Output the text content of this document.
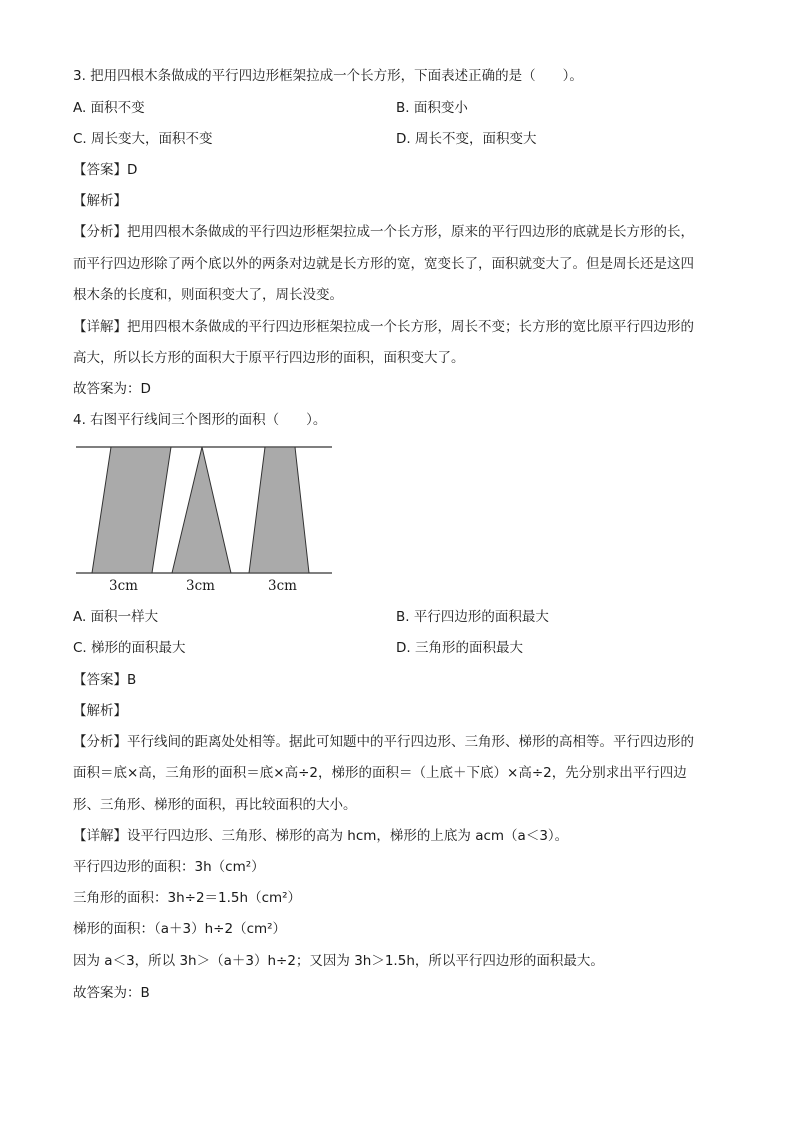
3. 把用四根木条做成的平行四边形框架拉成一个长方形，下面表述正确的是（　　）。
A. 面积不变	B. 面积变小
C. 周长变大，面积不变	D. 周长不变，面积变大
【答案】D
【解析】
【分析】把用四根木条做成的平行四边形框架拉成一个长方形，原来的平行四边形的底就是长方形的长，
而平行四边形除了两个底以外的两条对边就是长方形的宽，宽变长了，面积就变大了。但是周长还是这四
根木条的长度和，则面积变大了，周长没变。
【详解】把用四根木条做成的平行四边形框架拉成一个长方形，周长不变；长方形的宽比原平行四边形的
高大，所以长方形的面积大于原平行四边形的面积，面积变大了。
故答案为：D
4. 右图平行线间三个图形的面积（　　）。
3cm	3cm	3cm
A. 面积一样大	B. 平行四边形的面积最大
C. 梯形的面积最大	D. 三角形的面积最大
【答案】B
【解析】
【分析】平行线间的距离处处相等。据此可知题中的平行四边形、三角形、梯形的高相等。平行四边形的
面积＝底×高，三角形的面积＝底×高÷2，梯形的面积＝（上底＋下底）×高÷2，先分别求出平行四边
形、三角形、梯形的面积，再比较面积的大小。
【详解】设平行四边形、三角形、梯形的高为 hcm，梯形的上底为 acm（a＜3）。
平行四边形的面积：3h（cm²）
三角形的面积：3h÷2＝1.5h（cm²）
梯形的面积：（a＋3）h÷2（cm²）
因为 a＜3，所以 3h＞（a＋3）h÷2；又因为 3h＞1.5h，所以平行四边形的面积最大。
故答案为：B
